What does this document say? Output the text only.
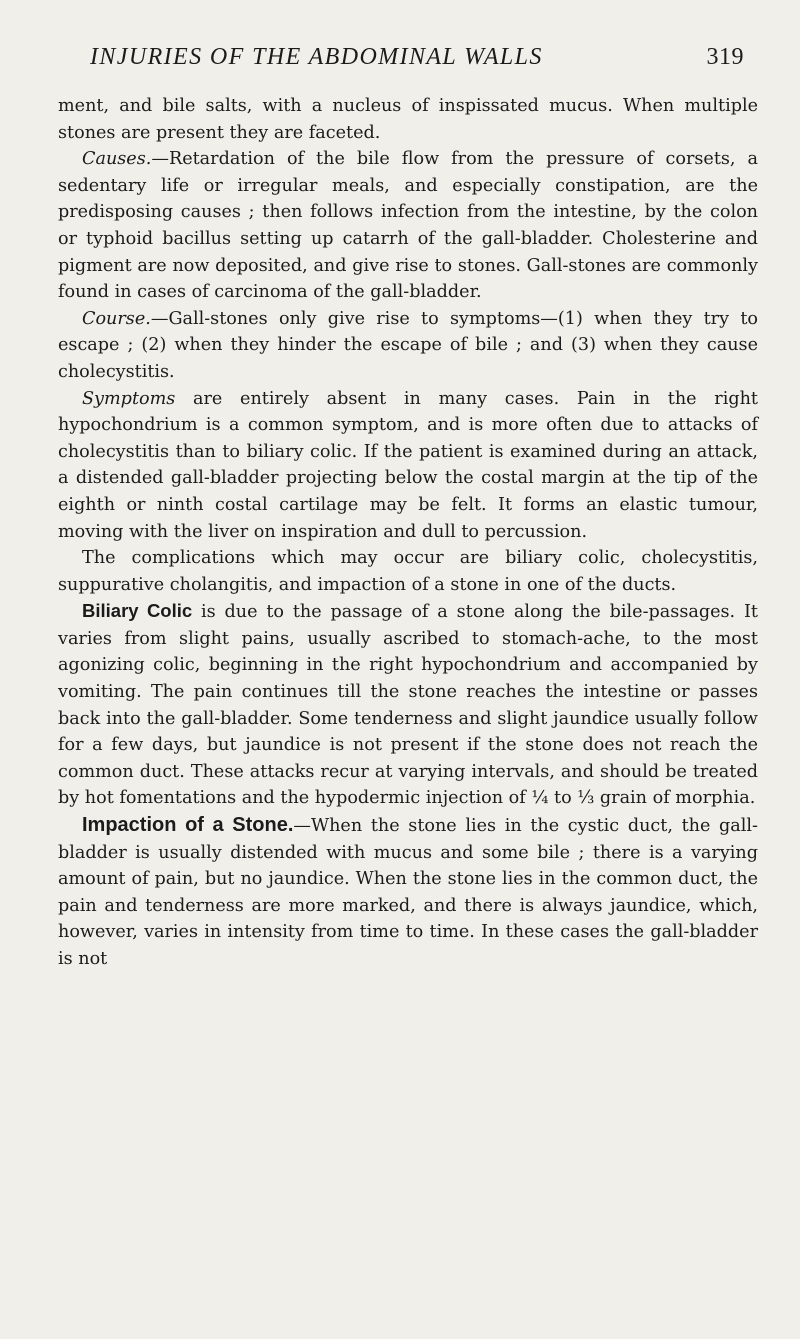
INJURIES OF THE ABDOMINAL WALLS	319

ment, and bile salts, with a nucleus of inspissated mucus. When multiple stones are present they are faceted.

Causes.—Retardation of the bile flow from the pressure of corsets, a sedentary life or irregular meals, and especially constipation, are the predisposing causes ; then follows infection from the intestine, by the colon or typhoid bacillus setting up catarrh of the gall-bladder. Cholesterine and pigment are now deposited, and give rise to stones. Gall-stones are commonly found in cases of carcinoma of the gall-bladder.

Course.—Gall-stones only give rise to symptoms—(1) when they try to escape ; (2) when they hinder the escape of bile ; and (3) when they cause cholecystitis.

Symptoms are entirely absent in many cases. Pain in the right hypochondrium is a common symptom, and is more often due to attacks of cholecystitis than to biliary colic. If the patient is examined during an attack, a distended gall-bladder projecting below the costal margin at the tip of the eighth or ninth costal cartilage may be felt. It forms an elastic tumour, moving with the liver on inspiration and dull to percussion.

The complications which may occur are biliary colic, cholecystitis, suppurative cholangitis, and impaction of a stone in one of the ducts.

Biliary Colic is due to the passage of a stone along the bile-passages. It varies from slight pains, usually ascribed to stomach-ache, to the most agonizing colic, beginning in the right hypochondrium and accompanied by vomiting. The pain continues till the stone reaches the intestine or passes back into the gall-bladder. Some tenderness and slight jaundice usually follow for a few days, but jaundice is not present if the stone does not reach the common duct. These attacks recur at varying intervals, and should be treated by hot fomentations and the hypodermic injection of ¼ to ⅓ grain of morphia.

Impaction of a Stone.—When the stone lies in the cystic duct, the gall-bladder is usually distended with mucus and some bile ; there is a varying amount of pain, but no jaundice. When the stone lies in the common duct, the pain and tenderness are more marked, and there is always jaundice, which, however, varies in intensity from time to time. In these cases the gall-bladder is not
